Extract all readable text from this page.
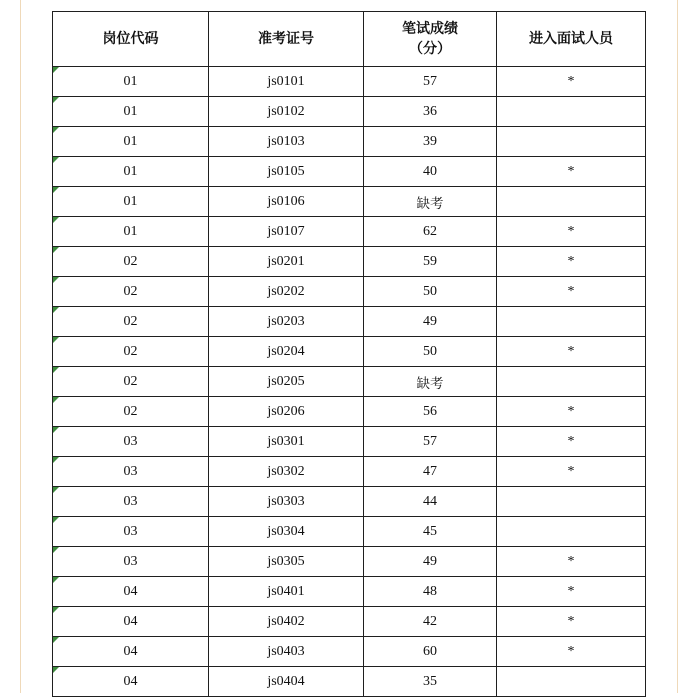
岗位代码	准考证号	笔试成绩（分）	进入面试人员
01	js0101	57	*
01	js0102	36	
01	js0103	39	
01	js0105	40	*
01	js0106	缺考	
01	js0107	62	*
02	js0201	59	*
02	js0202	50	*
02	js0203	49	
02	js0204	50	*
02	js0205	缺考	
02	js0206	56	*
03	js0301	57	*
03	js0302	47	*
03	js0303	44	
03	js0304	45	
03	js0305	49	*
04	js0401	48	*
04	js0402	42	*
04	js0403	60	*
04	js0404	35	
